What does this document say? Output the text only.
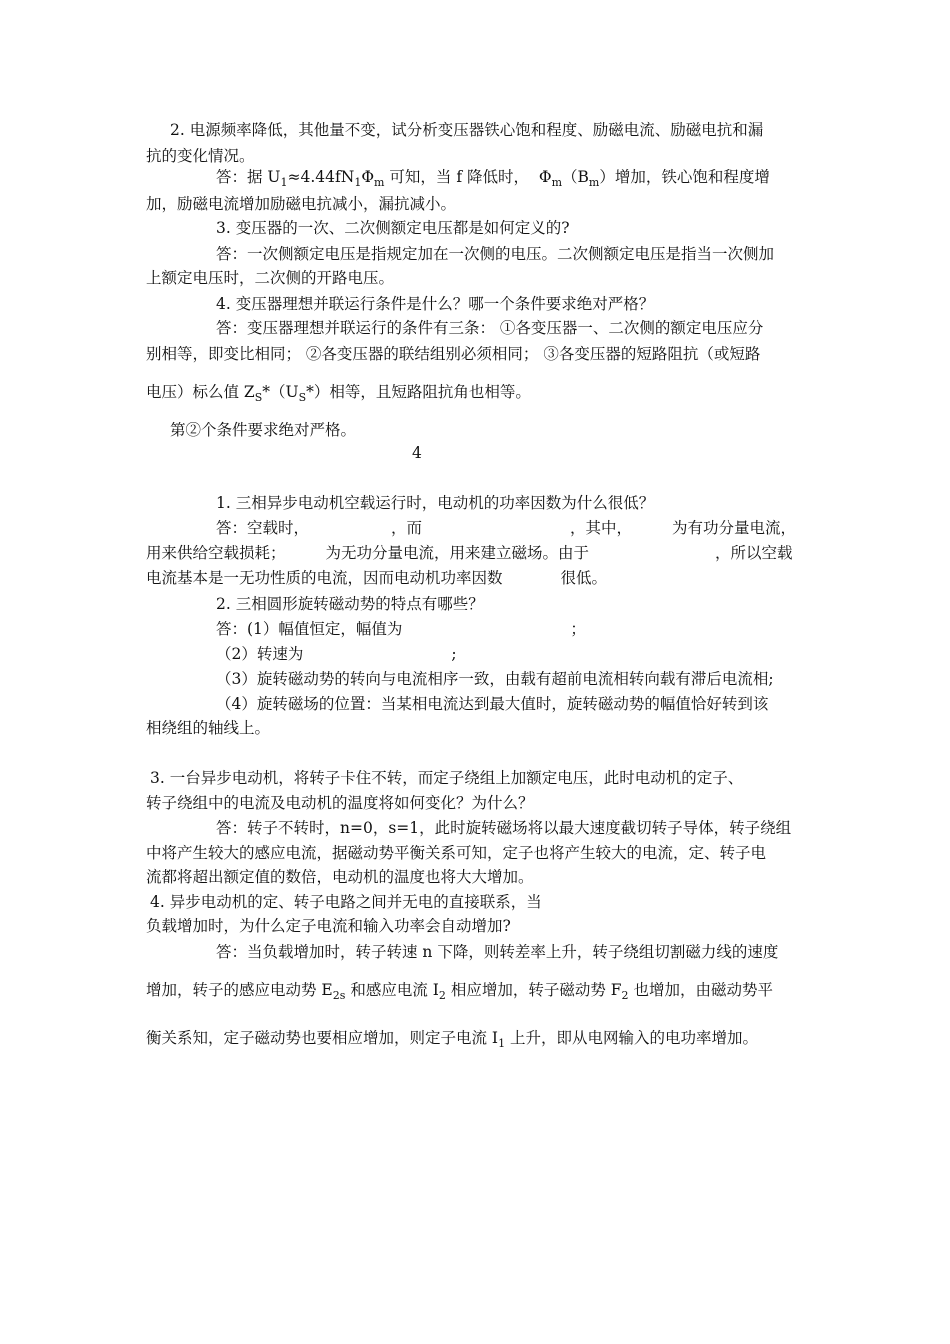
2. 电源频率降低，其他量不变，试分析变压器铁心饱和程度、励磁电流、励磁电抗和漏
抗的变化情况。
答：据 $U_1\approx 4.44fN_1\Phi_m$ 可知，当 f 降低时，  $\Phi_m(B_m)$增加，铁心饱和程度增
加，励磁电流增加励磁电抗减小，漏抗减小。
3. 变压器的一次、二次侧额定电压都是如何定义的?
答：一次侧额定电压是指规定加在一次侧的电压。二次侧额定电压是指当一次侧加
上额定电压时，二次侧的开路电压。
4. 变压器理想并联运行条件是什么？哪一个条件要求绝对严格？
答：变压器理想并联运行的条件有三条： ①各变压器一、二次侧的额定电压应分
别相等，即变比相同； ②各变压器的联结组别必须相同； ③各变压器的短路阻抗（或短路
电压）标么值 $Z_S*(U_S*)$相等，且短路阻抗角也相等。
第②个条件要求绝对严格。
4
1. 三相异步电动机空载运行时，电动机的功率因数为什么很低？
答：空载时，	，而	，其中，	为有功分量电流，
用来供给空载损耗；	为无功分量电流，用来建立磁场。由于	，所以空载
电流基本是一无功性质的电流，因而电动机功率因数	很低。
2. 三相圆形旋转磁动势的特点有哪些？
答：(1）幅值恒定，幅值为	；
（2）转速为	;
（3）旋转磁动势的转向与电流相序一致，由载有超前电流相转向载有滞后电流相;
（4）旋转磁场的位置：当某相电流达到最大值时，旋转磁动势的幅值恰好转到该
相绕组的轴线上。
3. 一台异步电动机，将转子卡住不转，而定子绕组上加额定电压，此时电动机的定子、
转子绕组中的电流及电动机的温度将如何变化？为什么？
答：转子不转时，n=0，s=1，此时旋转磁场将以最大速度截切转子导体，转子绕组
中将产生较大的感应电流，据磁动势平衡关系可知，定子也将产生较大的电流，定、转子电
流都将超出额定值的数倍，电动机的温度也将大大增加。
4. 异步电动机的定、转子电路之间并无电的直接联系，当
负载增加时，为什么定子电流和输入功率会自动增加?
答：当负载增加时，转子转速 n 下降，则转差率上升，转子绕组切割磁力线的速度
增加，转子的感应电动势 $E_{2s}$ 和感应电流 $I_2$ 相应增加，转子磁动势 $F_2$ 也增加，由磁动势平
衡关系知，定子磁动势也要相应增加，则定子电流 $I_1$ 上升，即从电网输入的电功率增加。
